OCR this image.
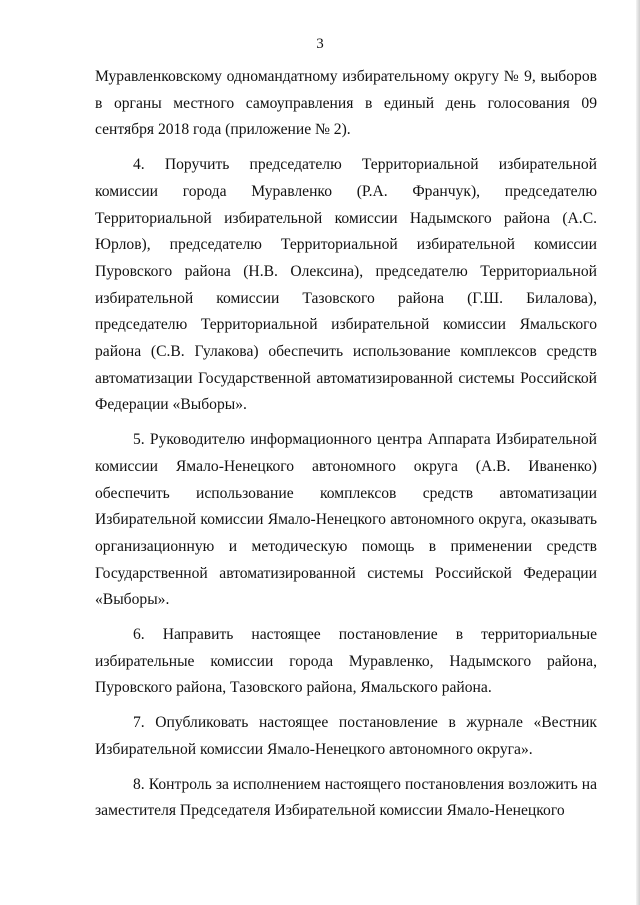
3

Муравленковскому одномандатному избирательному округу № 9, выборов в органы местного самоуправления в единый день голосования 09 сентября 2018 года (приложение № 2).

4. Поручить председателю Территориальной избирательной комиссии города Муравленко (Р.А. Франчук), председателю Территориальной избирательной комиссии Надымского района (А.С. Юрлов), председателю Территориальной избирательной комиссии Пуровского района (Н.В. Олексина), председателю Территориальной избирательной комиссии Тазовского района (Г.Ш. Билалова), председателю Территориальной избирательной комиссии Ямальского района (С.В. Гулакова) обеспечить использование комплексов средств автоматизации Государственной автоматизированной системы Российской Федерации «Выборы».

5. Руководителю информационного центра Аппарата Избирательной комиссии Ямало-Ненецкого автономного округа (А.В. Иваненко) обеспечить использование комплексов средств автоматизации Избирательной комиссии Ямало-Ненецкого автономного округа, оказывать организационную и методическую помощь в применении средств Государственной автоматизированной системы Российской Федерации «Выборы».

6. Направить настоящее постановление в территориальные избирательные комиссии города Муравленко, Надымского района, Пуровского района, Тазовского района, Ямальского района.

7. Опубликовать настоящее постановление в журнале «Вестник Избирательной комиссии Ямало-Ненецкого автономного округа».

8. Контроль за исполнением настоящего постановления возложить на заместителя Председателя Избирательной комиссии Ямало-Ненецкого
